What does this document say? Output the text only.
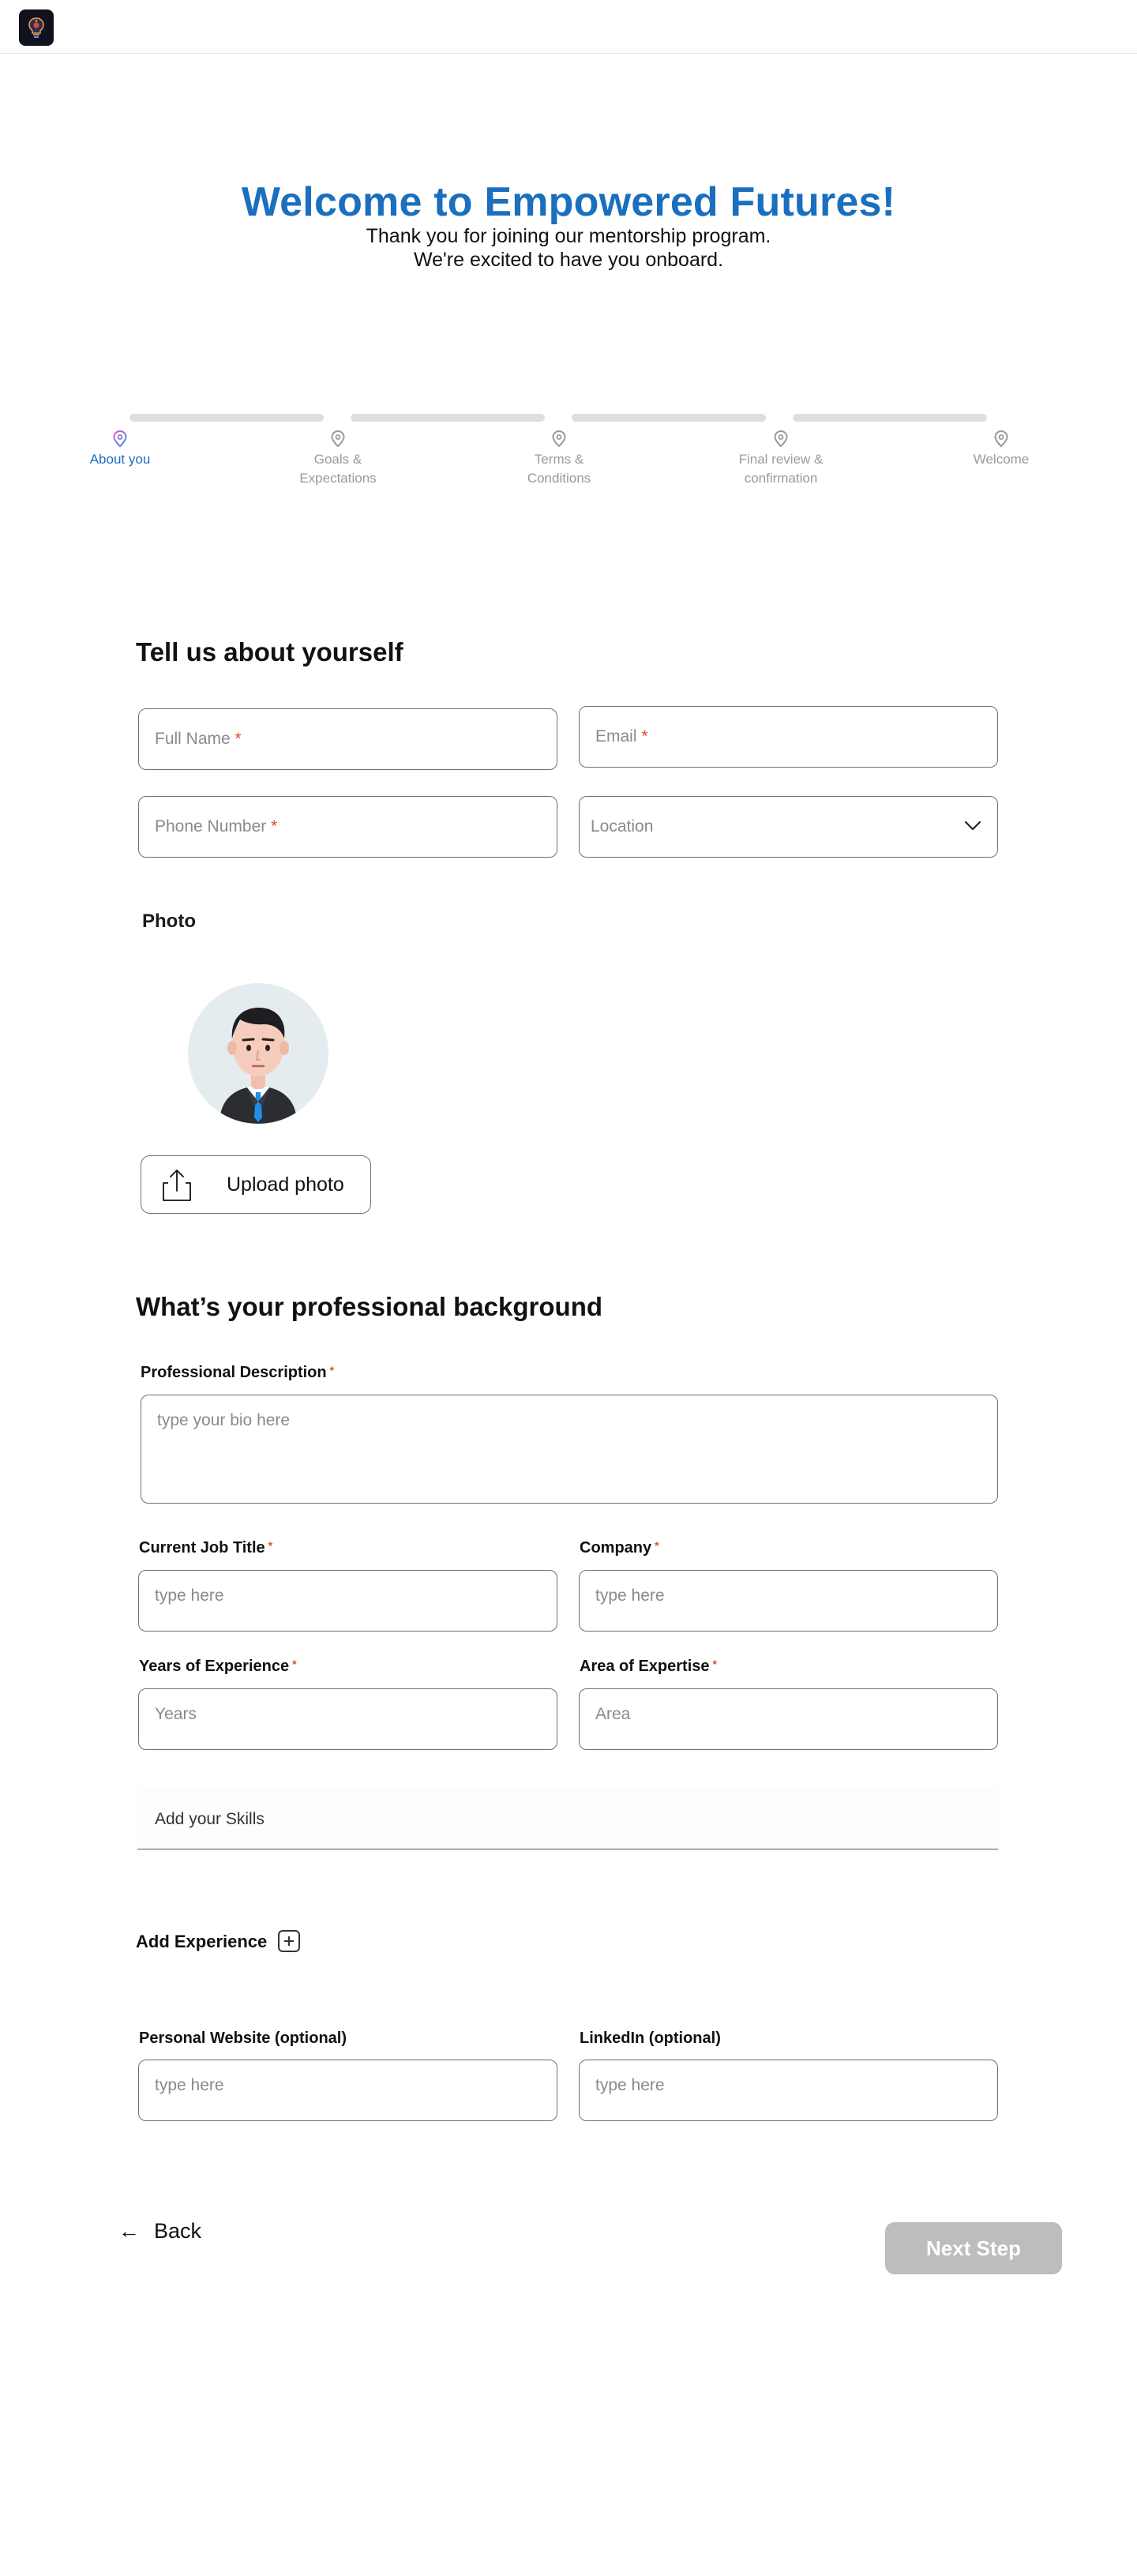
Welcome to Empowered Futures!
Thank you for joining our mentorship program.
We're excited to have you onboard.
About you	Goals &
Expectations
Terms &
Conditions
Final review &
confirmation
Welcome
Tell us about yourself
Full Name *	Email *
Phone Number *	Location
Photo
Upload photo
What’s your professional background
Professional Description *
type your bio here
Current Job Title *
type here
Company *
type here
Years of Experience *
Years
Area of Expertise *
Area
Add your Skills
Add Experience
Personal Website (optional)
type here
LinkedIn (optional)
type here
← Back
Next Step
